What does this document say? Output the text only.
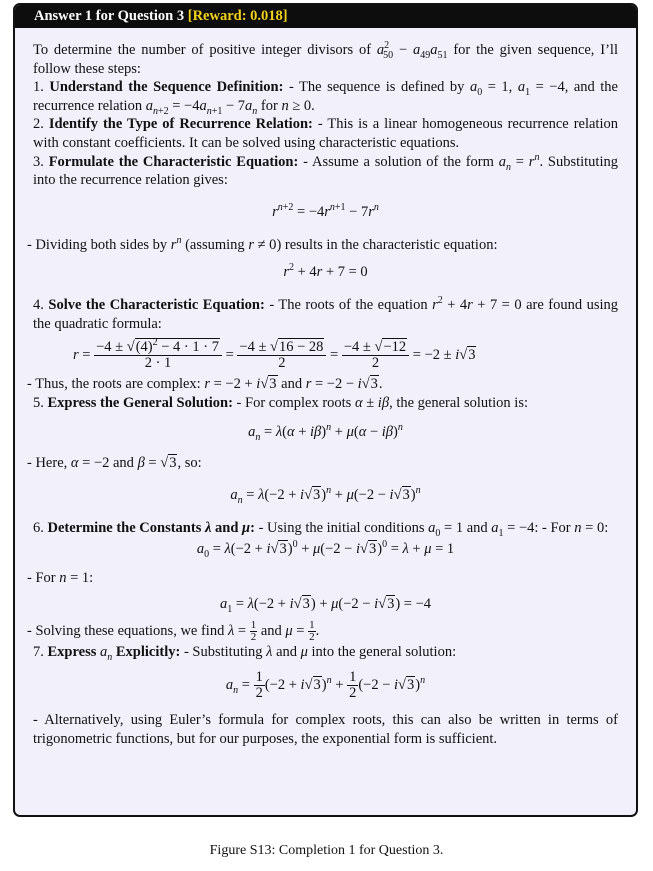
Answer 1 for Question 3 [Reward: 0.018]

To determine the number of positive integer divisors of $a^2_{50} - a_{49}a_{51}$ for the given sequence, I’ll follow these steps:

1. Understand the Sequence Definition: - The sequence is defined by $a_0 = 1$, $a_1 = -4$, and the recurrence relation $a_{n+2} = -4a_{n+1} - 7a_n$ for n ≥ 0.

2. Identify the Type of Recurrence Relation: - This is a linear homogeneous recurrence relation with constant coefficients. It can be solved using characteristic equations.

3. Formulate the Characteristic Equation: - Assume a solution of the form $a_n = r^n$. Substituting into the recurrence relation gives:

$r^{n+2} = -4r^{n+1} - 7r^n$

- Dividing both sides by $r^n$ (assuming r ≠ 0) results in the characteristic equation:

$r^2 + 4r + 7 = 0$

4. Solve the Characteristic Equation: - The roots of the equation $r^2 + 4r + 7 = 0$ are found using the quadratic formula:

$r = \frac{-4 \pm √(4)^2 - 4 \cdot 1 \cdot 7}{2 \cdot 1} = \frac{-4 \pm √16 - 28}{2} = \frac{-4 \pm √-12}{2} = -2 \pm i√3$

- Thus, the roots are complex: r = −2 + i√3 and r = −2 − i√3.

5. Express the General Solution: - For complex roots α ± iβ, the general solution is:

$a_n = \lambda(\alpha + i\beta)^n + \mu(\alpha - i\beta)^n$

- Here, α = −2 and β = √3, so:

$a_n = \lambda(-2 + i√3)^n + \mu(-2 - i√3)^n$

6. Determine the Constants λ and μ: - Using the initial conditions $a_0 = 1$ and $a_1 = -4$: - For n = 0:

$a_0 = \lambda(-2 + i√3)^0 + \mu(-2 - i√3)^0 = \lambda + \mu = 1$

- For n = 1:

$a_1 = \lambda(-2 + i√3) + \mu(-2 - i√3) = -4$

- Solving these equations, we find $\lambda = \frac{1}{2}$ and $\mu = \frac{1}{2}$ .

7. Express $a_n$ Explicitly: - Substituting λ and μ into the general solution:

$a_n = \frac{1}{2} (-2 + i√3)^n + \frac{1}{2} (-2 - i√3)^n$

- Alternatively, using Euler’s formula for complex roots, this can also be written in terms of trigonometric functions, but for our purposes, the exponential form is sufficient.

Figure S13: Completion 1 for Question 3.
